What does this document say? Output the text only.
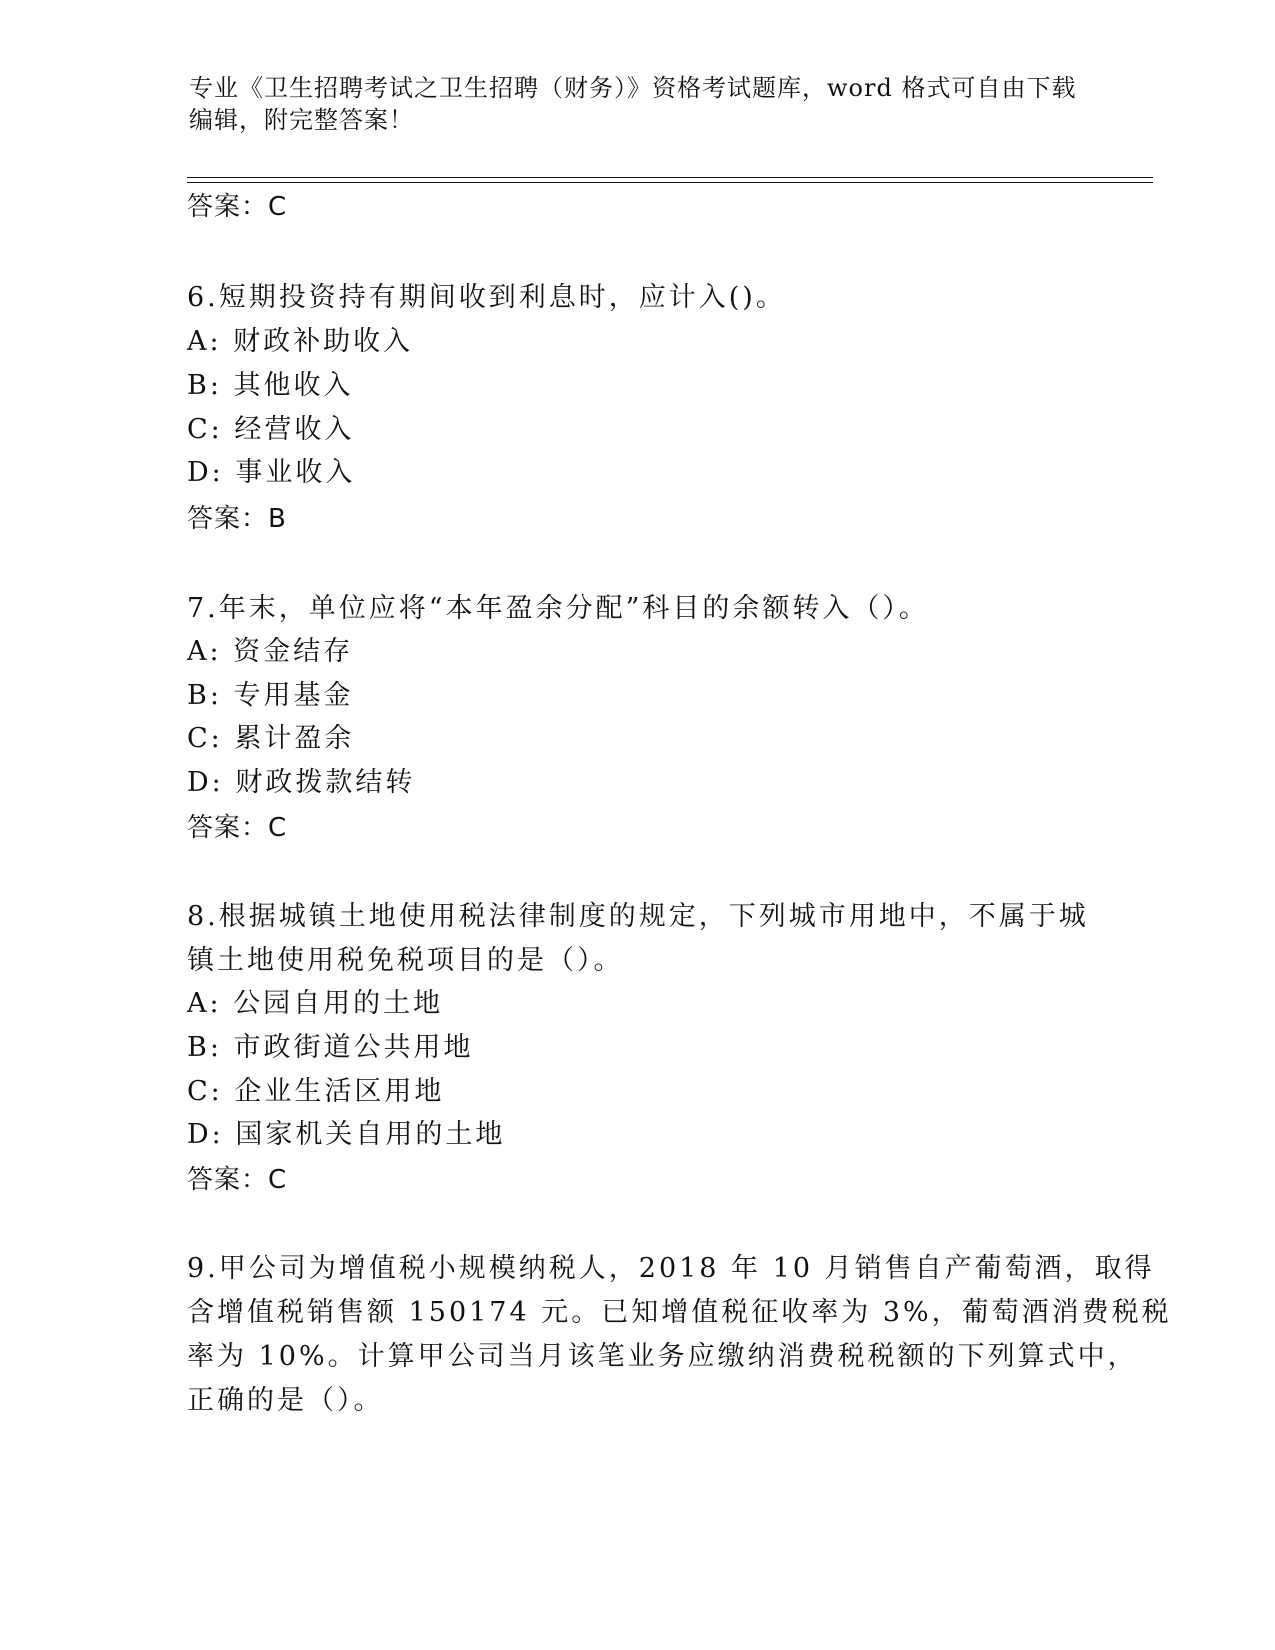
专业《卫生招聘考试之卫生招聘（财务）》资格考试题库，word 格式可自由下载
编辑，附完整答案！
答案：C
6.短期投资持有期间收到利息时，应计入()。
A: 财政补助收入
B: 其他收入
C: 经营收入
D: 事业收入
答案：B
7.年末，单位应将“本年盈余分配”科目的余额转入（）。
A: 资金结存
B: 专用基金
C: 累计盈余
D: 财政拨款结转
答案：C
8.根据城镇土地使用税法律制度的规定，下列城市用地中，不属于城
镇土地使用税免税项目的是（）。
A: 公园自用的土地
B: 市政街道公共用地
C: 企业生活区用地
D: 国家机关自用的土地
答案：C
9.甲公司为增值税小规模纳税人，2018 年 10 月销售自产葡萄酒，取得
含增值税销售额 150174 元。已知增值税征收率为 3%，葡萄酒消费税税
率为 10%。计算甲公司当月该笔业务应缴纳消费税税额的下列算式中，
正确的是（）。
